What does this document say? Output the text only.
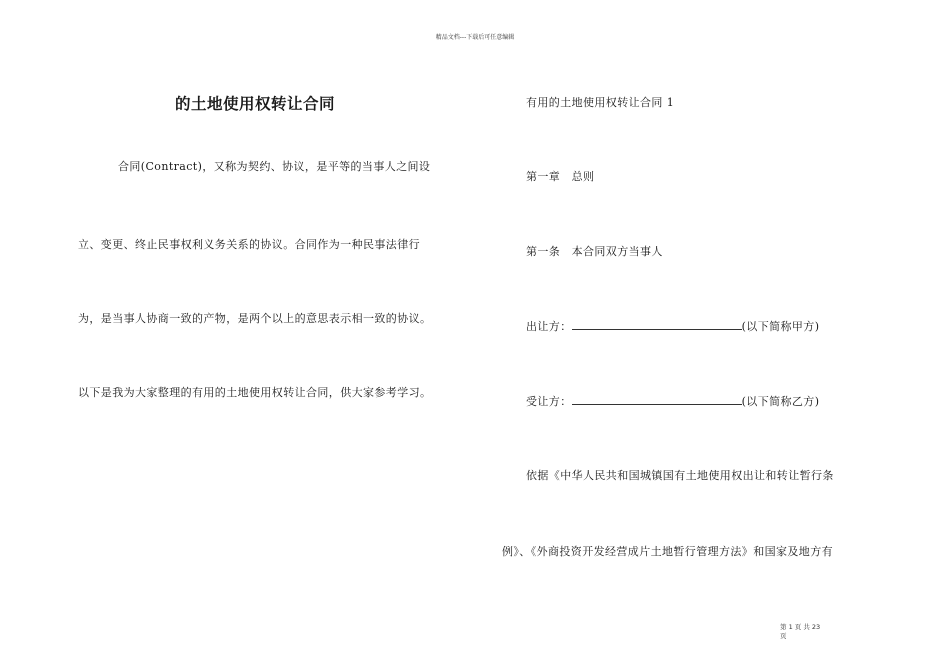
精品文档---下载后可任意编辑
的土地使用权转让合同

合同(Contract)，又称为契约、协议，是平等的当事人之间设

立、变更、终止民事权利义务关系的协议。合同作为一种民事法律行

为，是当事人协商一致的产物，是两个以上的意思表示相一致的协议。

以下是我为大家整理的有用的土地使用权转让合同，供大家参考学习。

有用的土地使用权转让合同 1

第一章　总则

第一条　本合同双方当事人

出让方：	(以下简称甲方)

受让方：	(以下简称乙方)

依据《中华人民共和国城镇国有土地使用权出让和转让暂行条

例》、《外商投资开发经营成片土地暂行管理方法》和国家及地方有

第 1 页 共 23
页
